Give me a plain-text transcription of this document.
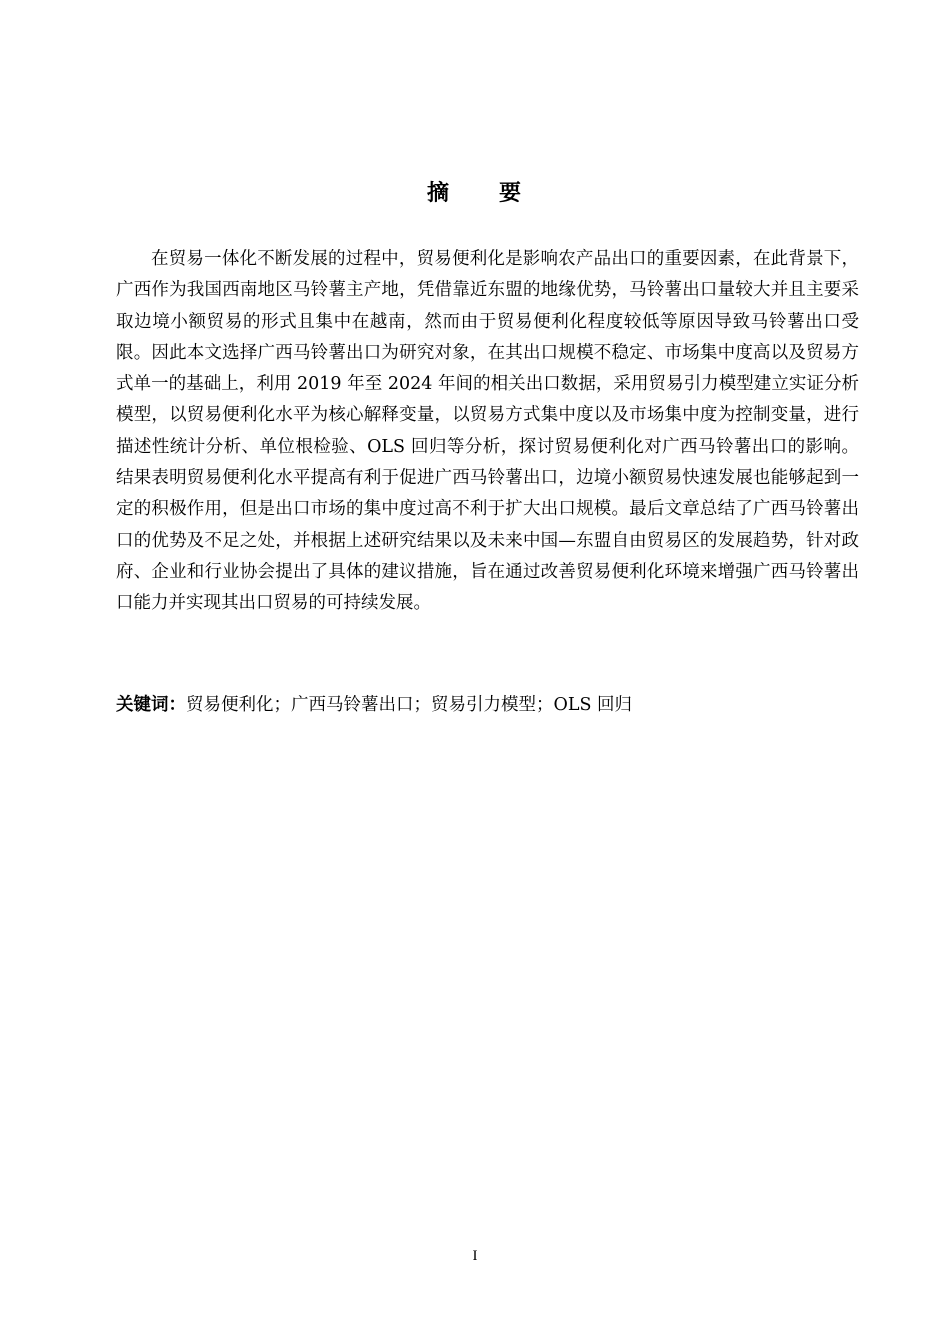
摘　　要

在贸易一体化不断发展的过程中，贸易便利化是影响农产品出口的重要因素，在此背景下，广西作为我国西南地区马铃薯主产地，凭借靠近东盟的地缘优势，马铃薯出口量较大并且主要采取边境小额贸易的形式且集中在越南，然而由于贸易便利化程度较低等原因导致马铃薯出口受限。因此本文选择广西马铃薯出口为研究对象，在其出口规模不稳定、市场集中度高以及贸易方式单一的基础上，利用 2019 年至 2024 年间的相关出口数据，采用贸易引力模型建立实证分析模型，以贸易便利化水平为核心解释变量，以贸易方式集中度以及市场集中度为控制变量，进行描述性统计分析、单位根检验、OLS 回归等分析，探讨贸易便利化对广西马铃薯出口的影响。结果表明贸易便利化水平提高有利于促进广西马铃薯出口，边境小额贸易快速发展也能够起到一定的积极作用，但是出口市场的集中度过高不利于扩大出口规模。最后文章总结了广西马铃薯出口的优势及不足之处，并根据上述研究结果以及未来中国—东盟自由贸易区的发展趋势，针对政府、企业和行业协会提出了具体的建议措施，旨在通过改善贸易便利化环境来增强广西马铃薯出口能力并实现其出口贸易的可持续发展。

关键词：贸易便利化；广西马铃薯出口；贸易引力模型；OLS 回归

I
